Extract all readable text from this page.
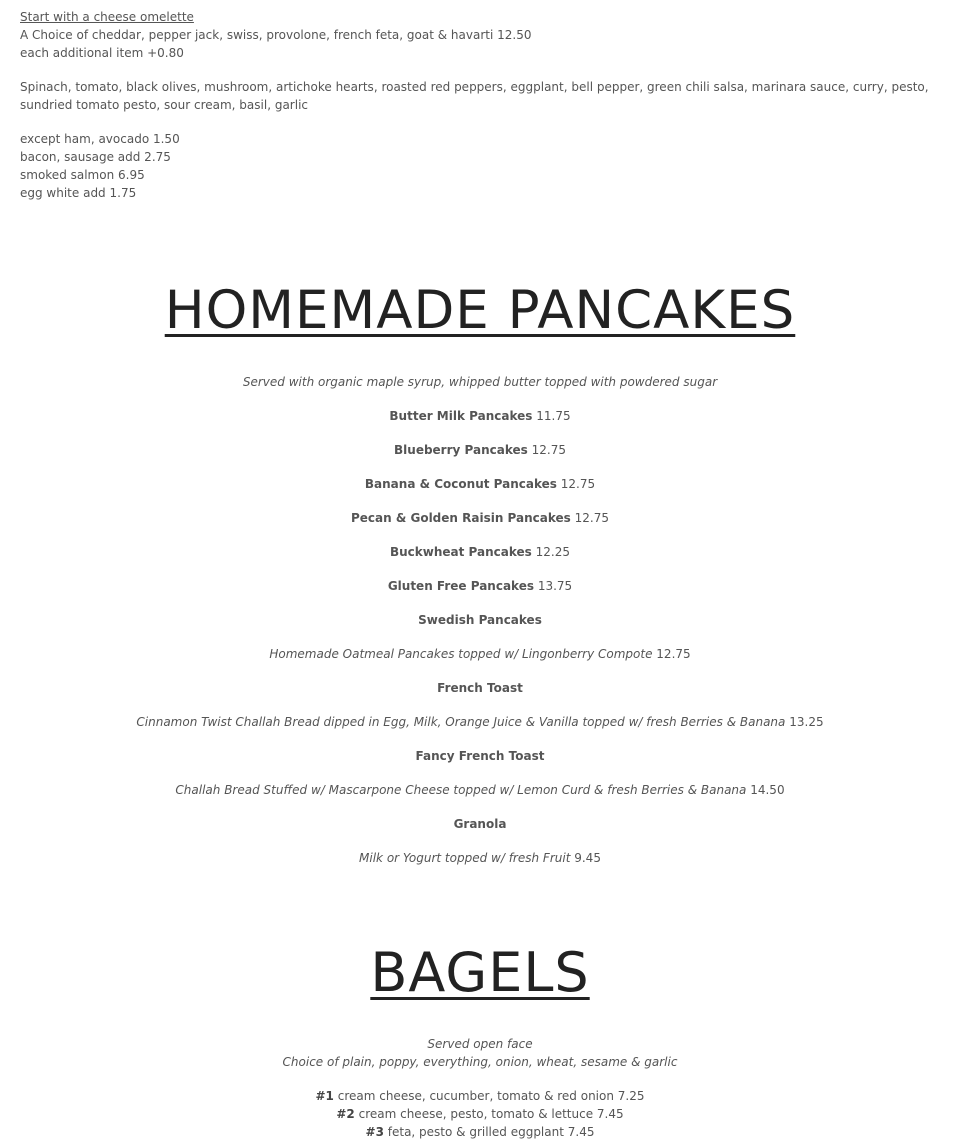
Start with a cheese omelette

A Choice of cheddar, pepper jack, swiss, provolone, french feta, goat & havarti 12.50

each additional item +0.80

Spinach, tomato, black olives, mushroom, artichoke hearts, roasted red peppers, eggplant, bell pepper, green chili salsa, marinara sauce, curry, pesto, sundried tomato pesto, sour cream, basil, garlic

except ham, avocado 1.50

bacon, sausage add 2.75

smoked salmon 6.95

egg white add 1.75

HOMEMADE PANCAKES
Served with organic maple syrup, whipped butter topped with powdered sugar
Butter Milk Pancakes 11.75
Blueberry Pancakes 12.75
Banana & Coconut Pancakes 12.75
Pecan & Golden Raisin Pancakes 12.75
Buckwheat Pancakes 12.25
Gluten Free Pancakes 13.75
Swedish Pancakes
Homemade Oatmeal Pancakes topped w/ Lingonberry Compote 12.75
French Toast
Cinnamon Twist Challah Bread dipped in Egg, Milk, Orange Juice & Vanilla topped w/ fresh Berries & Banana 13.25
Fancy French Toast
Challah Bread Stuffed w/ Mascarpone Cheese topped w/ Lemon Curd & fresh Berries & Banana 14.50
Granola
Milk or Yogurt topped w/ fresh Fruit 9.45
BAGELS

Served open face

Choice of plain, poppy, everything, onion, wheat, sesame & garlic

#1 cream cheese, cucumber, tomato & red onion 7.25

#2 cream cheese, pesto, tomato & lettuce 7.45

#3 feta, pesto & grilled eggplant 7.45
